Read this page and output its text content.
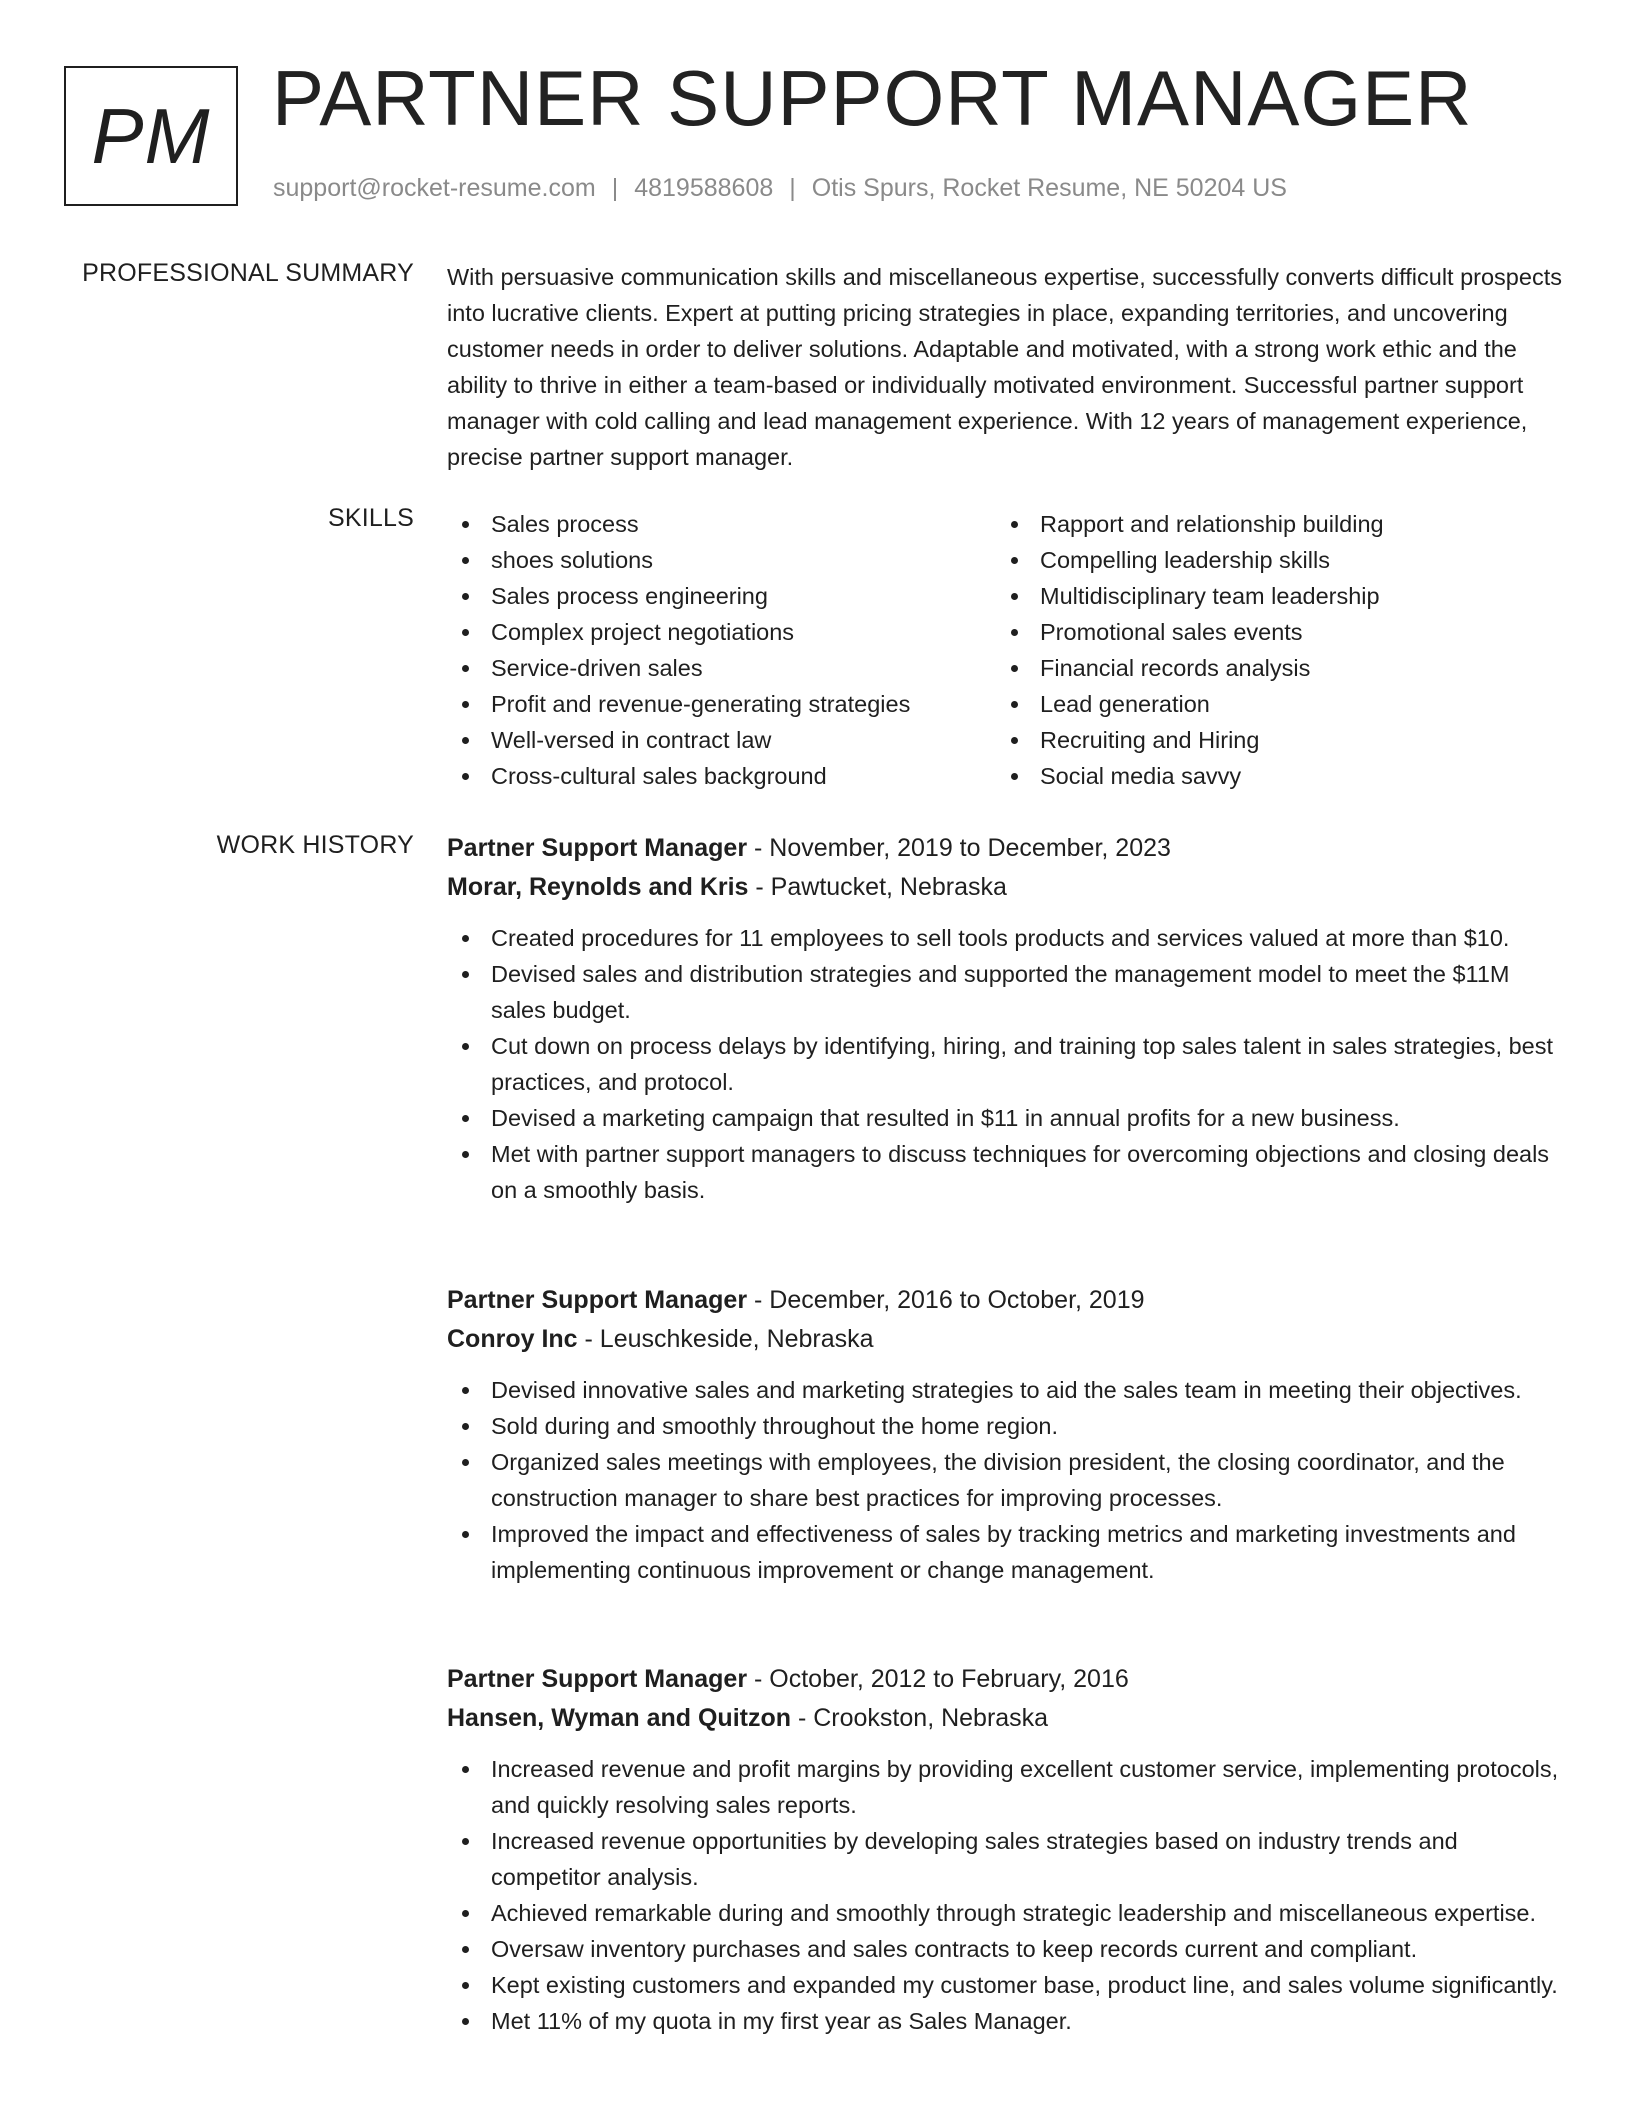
PM PARTNER SUPPORT MANAGER
support@rocket-resume.com | 4819588608 | Otis Spurs, Rocket Resume, NE 50204 US
PROFESSIONAL SUMMARY With persuasive communication skills and miscellaneous expertise, successfully converts difficult prospects into lucrative clients. Expert at putting pricing strategies in place, expanding territories, and uncovering customer needs in order to deliver solutions. Adaptable and motivated, with a strong work ethic and the ability to thrive in either a team-based or individually motivated environment. Successful partner support manager with cold calling and lead management experience. With 12 years of management experience, precise partner support manager.
SKILLS	Sales process
shoes solutions
Sales process engineering
Complex project negotiations
Service-driven sales
Profit and revenue-generating strategies
Well-versed in contract law
Cross-cultural sales background
Rapport and relationship building
Compelling leadership skills
Multidisciplinary team leadership
Promotional sales events
Financial records analysis
Lead generation
Recruiting and Hiring
Social media savvy
WORK HISTORY Partner Support Manager - November, 2019 to December, 2023
Morar, Reynolds and Kris - Pawtucket, Nebraska
Created procedures for 11 employees to sell tools products and services valued at more than $10.
Devised sales and distribution strategies and supported the management model to meet the $11M sales budget.
Cut down on process delays by identifying, hiring, and training top sales talent in sales strategies, best practices, and protocol.
Devised a marketing campaign that resulted in $11 in annual profits for a new business.
Met with partner support managers to discuss techniques for overcoming objections and closing deals on a smoothly basis.
Partner Support Manager - December, 2016 to October, 2019
Conroy Inc - Leuschkeside, Nebraska
Devised innovative sales and marketing strategies to aid the sales team in meeting their objectives.
Sold during and smoothly throughout the home region.
Organized sales meetings with employees, the division president, the closing coordinator, and the construction manager to share best practices for improving processes.
Improved the impact and effectiveness of sales by tracking metrics and marketing investments and implementing continuous improvement or change management.
Partner Support Manager - October, 2012 to February, 2016
Hansen, Wyman and Quitzon - Crookston, Nebraska
Increased revenue and profit margins by providing excellent customer service, implementing protocols, and quickly resolving sales reports.
Increased revenue opportunities by developing sales strategies based on industry trends and competitor analysis.
Achieved remarkable during and smoothly through strategic leadership and miscellaneous expertise.
Oversaw inventory purchases and sales contracts to keep records current and compliant.
Kept existing customers and expanded my customer base, product line, and sales volume significantly.
Met 11% of my quota in my first year as Sales Manager.
